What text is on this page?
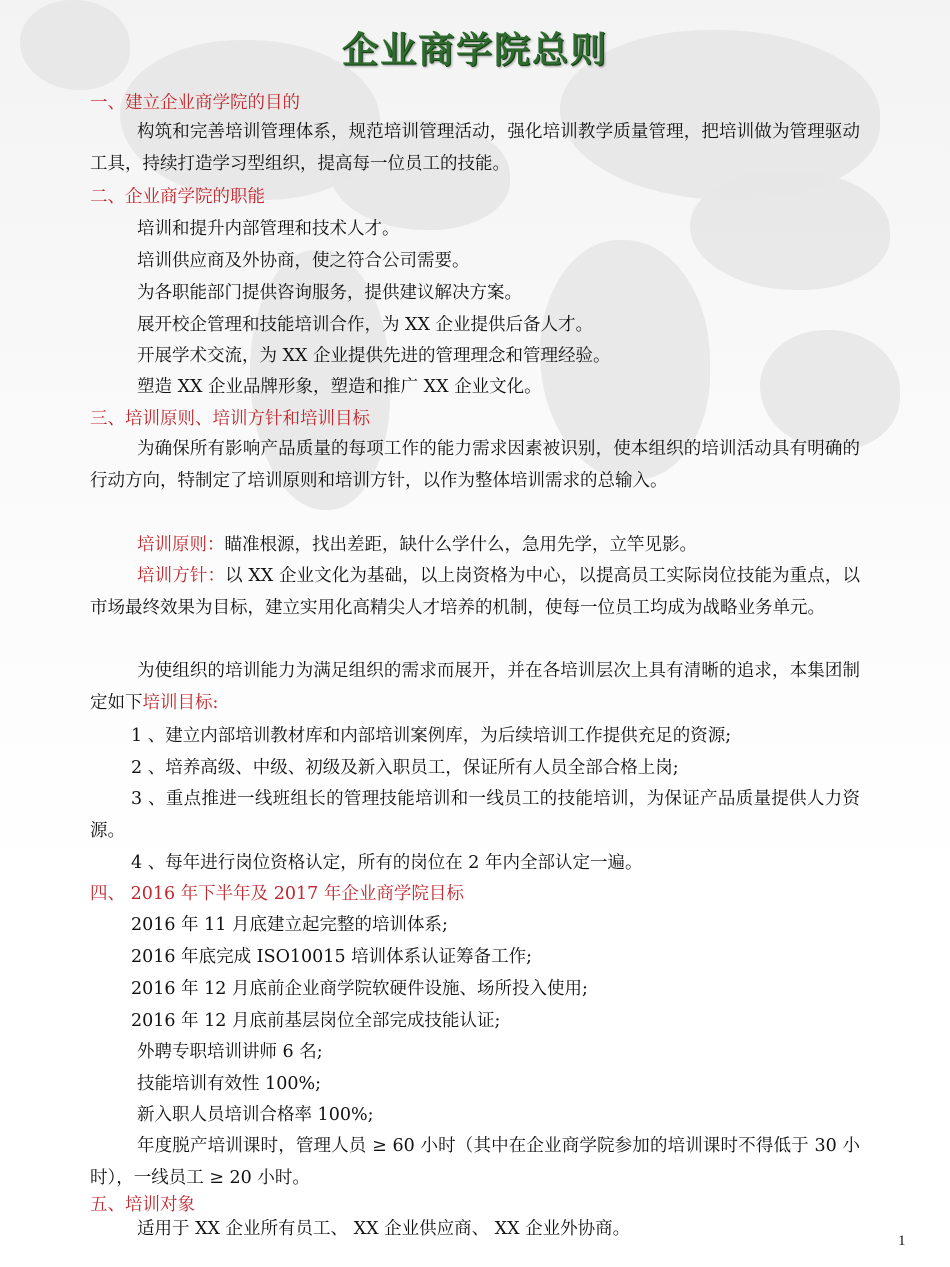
企业商学院总则
一、建立企业商学院的目的
构筑和完善培训管理体系，规范培训管理活动，强化培训教学质量管理，把培训做为管理驱动工具，持续打造学习型组织，提高每一位员工的技能。
二、企业商学院的职能
培训和提升内部管理和技术人才。
培训供应商及外协商，使之符合公司需要。
为各职能部门提供咨询服务，提供建议解决方案。
展开校企管理和技能培训合作，为 XX 企业提供后备人才。
开展学术交流，为 XX 企业提供先进的管理理念和管理经验。
塑造 XX 企业品牌形象，塑造和推广 XX 企业文化。
三、培训原则、培训方针和培训目标
为确保所有影响产品质量的每项工作的能力需求因素被识别，使本组织的培训活动具有明确的行动方向，特制定了培训原则和培训方针，以作为整体培训需求的总输入。
培训原则：瞄准根源，找出差距，缺什么学什么，急用先学，立竿见影。
培训方针：以 XX 企业文化为基础，以上岗资格为中心，以提高员工实际岗位技能为重点，以市场最终效果为目标，建立实用化高精尖人才培养的机制，使每一位员工均成为战略业务单元。
为使组织的培训能力为满足组织的需求而展开，并在各培训层次上具有清晰的追求，本集团制定如下培训目标:
1 、建立内部培训教材库和内部培训案例库，为后续培训工作提供充足的资源;
2 、培养高级、中级、初级及新入职员工，保证所有人员全部合格上岗;
3 、重点推进一线班组长的管理技能培训和一线员工的技能培训，为保证产品质量提供人力资源。
4 、每年进行岗位资格认定，所有的岗位在 2 年内全部认定一遍。
四、 2016 年下半年及 2017 年企业商学院目标
2016 年 11 月底建立起完整的培训体系;
2016 年底完成 ISO10015 培训体系认证筹备工作;
2016 年 12 月底前企业商学院软硬件设施、场所投入使用;
2016 年 12 月底前基层岗位全部完成技能认证;
外聘专职培训讲师 6 名;
技能培训有效性 100%;
新入职人员培训合格率 100%;
年度脱产培训课时，管理人员 ≥ 60 小时（其中在企业商学院参加的培训课时不得低于 30 小时），一线员工 ≥ 20 小时。
五、培训对象
适用于 XX 企业所有员工、 XX 企业供应商、 XX 企业外协商。
1
